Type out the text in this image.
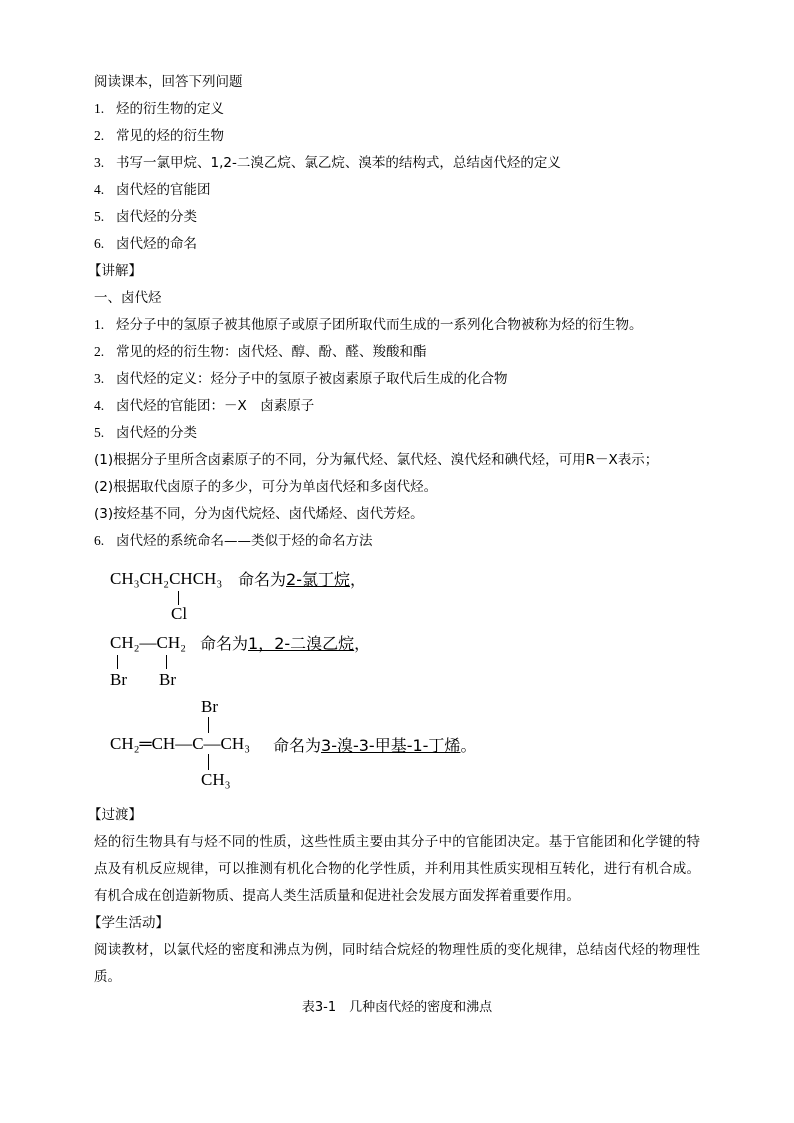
阅读课本，回答下列问题
1. 烃的衍生物的定义
2. 常见的烃的衍生物
3. 书写一氯甲烷、1,2-二溴乙烷、氯乙烷、溴苯的结构式，总结卤代烃的定义
4. 卤代烃的官能团
5. 卤代烃的分类
6. 卤代烃的命名
【讲解】
一、卤代烃
1. 烃分子中的氢原子被其他原子或原子团所取代而生成的一系列化合物被称为烃的衍生物。
2. 常见的烃的衍生物：卤代烃、醇、酚、醛、羧酸和酯
3. 卤代烃的定义：烃分子中的氢原子被卤素原子取代后生成的化合物
4. 卤代烃的官能团：－X　卤素原子
5. 卤代烃的分类
(1)根据分子里所含卤素原子的不同，分为氟代烃、氯代烃、溴代烃和碘代烃，可用R－X表示；
(2)根据取代卤原子的多少，可分为单卤代烃和多卤代烃。
(3)按烃基不同，分为卤代烷烃、卤代烯烃、卤代芳烃。
6. 卤代烃的系统命名——类似于烃的命名方法
CH₃CH₂CHCH₃ 命名为2-氯丁烷，
Cl
CH₂—CH₂ 命名为1，2-二溴乙烷，
Br Br
Br
CH₂═CH—C—CH₃ 命名为3-溴-3-甲基-1-丁烯。
CH₃
【过渡】
烃的衍生物具有与烃不同的性质，这些性质主要由其分子中的官能团决定。基于官能团和化学键的特点及有机反应规律，可以推测有机化合物的化学性质，并利用其性质实现相互转化，进行有机合成。有机合成在创造新物质、提高人类生活质量和促进社会发展方面发挥着重要作用。
【学生活动】
阅读教材，以氯代烃的密度和沸点为例，同时结合烷烃的物理性质的变化规律，总结卤代烃的物理性质。
表3-1　几种卤代烃的密度和沸点
